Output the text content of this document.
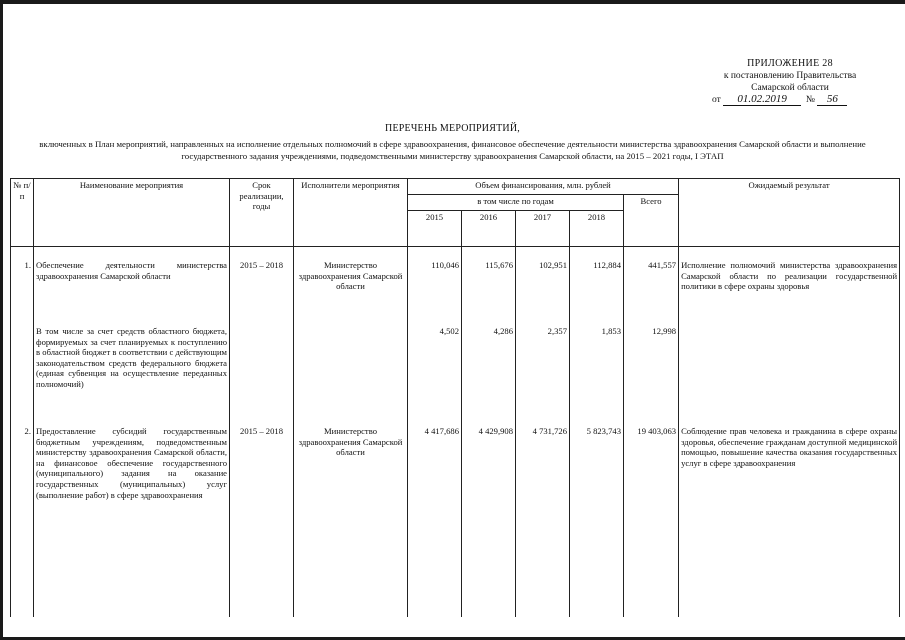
ПРИЛОЖЕНИЕ 28
к постановлению Правительства
Самарской области
от 01.02.2019 № 56
ПЕРЕЧЕНЬ МЕРОПРИЯТИЙ,
включенных в План мероприятий, направленных на исполнение отдельных полномочий в сфере здравоохранения, финансовое обеспечение деятельности министерства здравоохранения Самарской области и выполнение государственного задания учреждениями, подведомственными министерству здравоохранения Самарской области, на 2015 – 2021 годы, I ЭТАП
№ п/п	Наименование мероприятия	Срок реализации, годы	Исполнители мероприятия	Объем финансирования, млн. рублей					Ожидаемый результат
				в том числе по годам				Всего	
				2015	2016	2017	2018		

1.	Обеспечение деятельности министерства здравоохранения Самарской области	2015 – 2018	Министерство здравоохранения Самарской области	110,046	115,676	102,951	112,884	441,557	Исполнение полномочий министерства здравоохранения Самарской области по реализации государственной политики в сфере охраны здоровья
	В том числе за счет средств областного бюджета, формируемых за счет планируемых к поступлению в областной бюджет в соответствии с действующим законодательством средств федерального бюджета (единая субвенция на осуществление переданных полномочий)			4,502	4,286	2,357	1,853	12,998	
2.	Предоставление субсидий государственным бюджетным учреждениям, подведомственным министерству здравоохранения Самарской области, на финансовое обеспечение государственного (муниципального) задания на оказание государственных (муниципальных) услуг (выполнение работ) в сфере здравоохранения	2015 – 2018	Министерство здравоохранения Самарской области	4 417,686	4 429,908	4 731,726	5 823,743	19 403,063	Соблюдение прав человека и гражданина в сфере охраны здоровья, обеспечение гражданам доступной медицинской помощью, повышение качества оказания государственных услуг в сфере здравоохранения
